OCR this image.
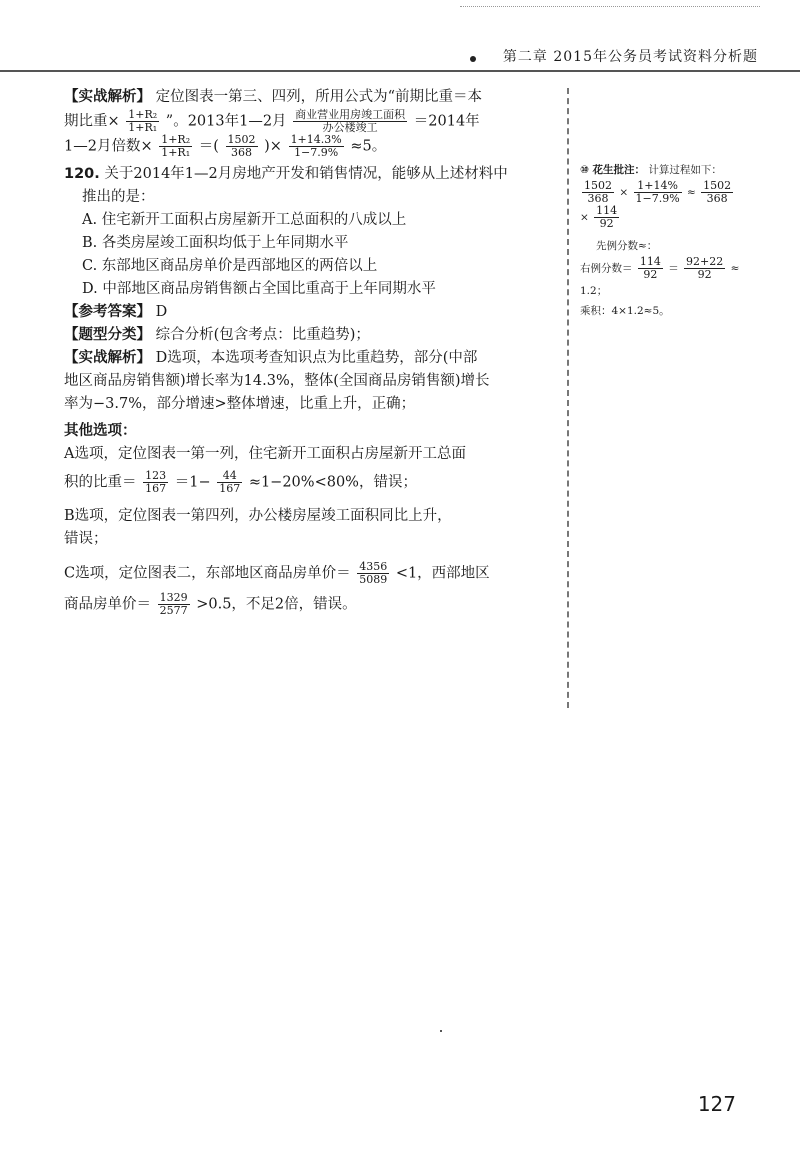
第二章 2015年公务员考试资料分析题

【实战解析】 定位图表一第三、四列，所用公式为“前期比重＝本

期比重× $\frac{\text{1+R₂}}{\text{1+R₁}}$ ”。2013年1—2月 $\frac{\text{商业营业用房竣工面积}}{\text{办公楼竣工}} =2014$年

1—2月倍数× $\frac{\text{1+R₂}}{\text{1+R₁}}$ ＝( $\frac{1502}{368}$ )× $\frac{1+14.3\%}{1-7.9\%} \approx 5$。

120. 关于2014年1—2月房地产开发和销售情况，能够从上述材料中

推出的是：

A. 住宅新开工面积占房屋新开工总面积的八成以上

B. 各类房屋竣工面积均低于上年同期水平

C. 东部地区商品房单价是西部地区的两倍以上

D. 中部地区商品房销售额占全国比重高于上年同期水平

【参考答案】 D

【题型分类】 综合分析(包含考点：比重趋势)；

【实战解析】 D选项，本选项考查知识点为比重趋势，部分(中部

地区商品房销售额)增长率为14.3%，整体(全国商品房销售额)增长

率为−3.7%，部分增速>整体增速，比重上升，正确；

其他选项：

A选项，定位图表一第一列，住宅新开工面积占房屋新开工总面

积的比重＝ $\frac{123}{167} =1- \frac{44}{167} \approx 1-20\%<80\%$，错误；

B选项，定位图表一第四列，办公楼房屋竣工面积同比上升，

错误；

C选项，定位图表二，东部地区商品房单价＝ $\frac{4356}{5089} <1$，西部地区

商品房单价＝ $\frac{1329}{2577} >0.5$，不足2倍，错误。

⑩ 花生批注： 计算过程如下：

$\frac{1502}{368} \times \frac{1+14\%}{1-7.9\%} \approx \frac{1502}{368}$

× $\frac{114}{92}$

先例分数≈：

右例分数＝ $\frac{114}{92} = \frac{92+22}{92}$ ≈

1.2；

乘积：4×1.2≈5。

127
